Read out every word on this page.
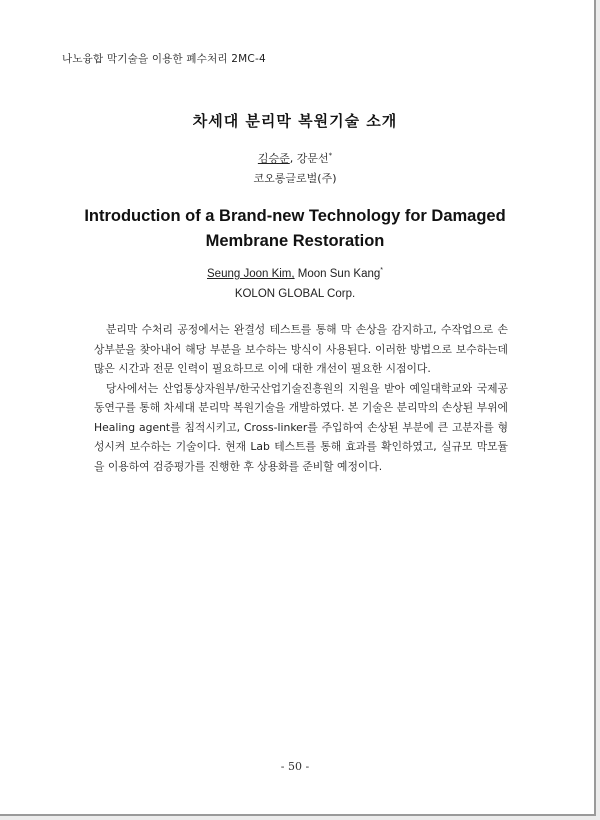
나노융합 막기술을 이용한 폐수처리 2MC-4
차세대 분리막 복원기술 소개
김승준, 강문선*
코오롱글로벌(주)
Introduction of a Brand-new Technology for Damaged Membrane Restoration
Seung Joon Kim, Moon Sun Kang*
KOLON GLOBAL Corp.

분리막 수처리 공정에서는 완결성 테스트를 통해 막 손상을 감지하고, 수작업으로 손상부분을 찾아내어 해당 부분을 보수하는 방식이 사용된다. 이러한 방법으로 보수하는데 많은 시간과 전문 인력이 필요하므로 이에 대한 개선이 필요한 시점이다.

당사에서는 산업통상자원부/한국산업기술진흥원의 지원을 받아 예일대학교와 국제공동연구를 통해 차세대 분리막 복원기술을 개발하였다. 본 기술은 분리막의 손상된 부위에 Healing agent를 침적시키고, Cross-linker를 주입하여 손상된 부분에 큰 고분자를 형성시켜 보수하는 기술이다. 현재 Lab 테스트를 통해 효과를 확인하였고, 실규모 막모듈을 이용하여 검증평가를 진행한 후 상용화를 준비할 예정이다.

- 50 -
